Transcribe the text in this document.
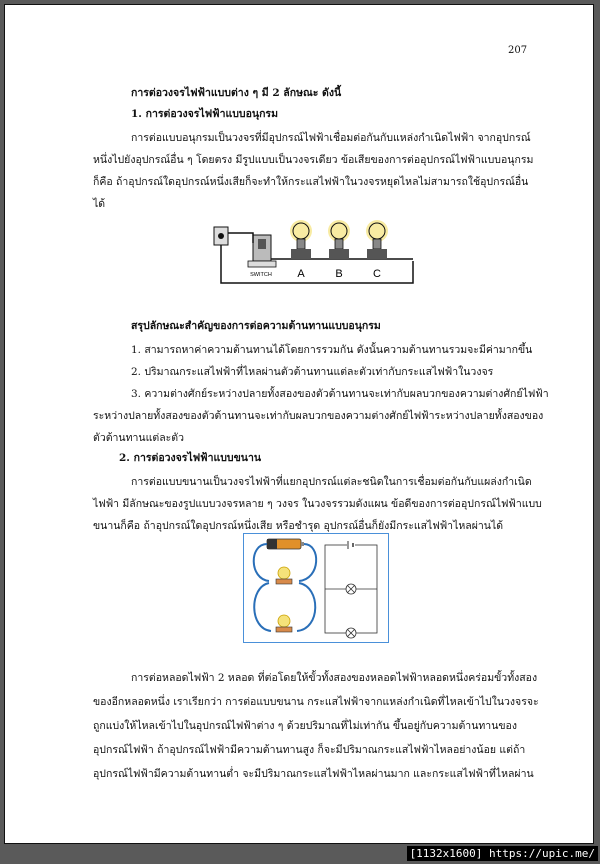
207
การต่อวงจรไฟฟ้าแบบต่าง ๆ มี 2 ลักษณะ ดังนี้
1. การต่อวงจรไฟฟ้าแบบอนุกรม
การต่อแบบอนุกรมเป็นวงจรที่มีอุปกรณ์ไฟฟ้าเชื่อมต่อกันกับแหล่งกำเนิดไฟฟ้า จากอุปกรณ์
หนึ่งไปยังอุปกรณ์อื่น ๆ โดยตรง มีรูปแบบเป็นวงจรเดียว ข้อเสียของการต่ออุปกรณ์ไฟฟ้าแบบอนุกรม
ก็คือ ถ้าอุปกรณ์ใดอุปกรณ์หนึ่งเสียก็จะทำให้กระแสไฟฟ้าในวงจรหยุดไหลไม่สามารถใช้อุปกรณ์อื่น
ได้
SWITCH A	B	C
สรุปลักษณะสำคัญของการต่อความต้านทานแบบอนุกรม
1. สามารถหาค่าความต้านทานได้โดยการรวมกัน ดังนั้นความต้านทานรวมจะมีค่ามากขึ้น
2. ปริมาณกระแสไฟฟ้าที่ไหลผ่านตัวต้านทานแต่ละตัวเท่ากับกระแสไฟฟ้าในวงจร
3. ความต่างศักย์ระหว่างปลายทั้งสองของตัวต้านทานจะเท่ากับผลบวกของความต่างศักย์ไฟฟ้า
ระหว่างปลายทั้งสองของตัวต้านทานจะเท่ากับผลบวกของความต่างศักย์ไฟฟ้าระหว่างปลายทั้งสองของ
ตัวต้านทานแต่ละตัว
2. การต่อวงจรไฟฟ้าแบบขนาน
การต่อแบบขนานเป็นวงจรไฟฟ้าที่แยกอุปกรณ์แต่ละชนิดในการเชื่อมต่อกันกับแผล่งกำเนิด
ไฟฟ้า มีลักษณะของรูปแบบวงจรหลาย ๆ วงจร ในวงจรรวมดังแผน ข้อดีของการต่ออุปกรณ์ไฟฟ้าแบบ
ขนานก็คือ ถ้าอุปกรณ์ใดอุปกรณ์หนึ่งเสีย หรือชำรุด อุปกรณ์อื่นก็ยังมีกระแสไฟฟ้าไหลผ่านได้
การต่อหลอดไฟฟ้า 2 หลอด ที่ต่อโดยให้ขั้วทั้งสองของหลอดไฟฟ้าหลอดหนึ่งคร่อมขั้วทั้งสอง
ของอีกหลอดหนึ่ง เราเรียกว่า การต่อแบบขนาน กระแสไฟฟ้าจากแหล่งกำเนิดที่ไหลเข้าไปในวงจรจะ
ถูกแบ่งให้ไหลเข้าไปในอุปกรณ์ไฟฟ้าต่าง ๆ ด้วยปริมาณที่ไม่เท่ากัน ขึ้นอยู่กับความต้านทานของ
อุปกรณ์ไฟฟ้า ถ้าอุปกรณ์ไฟฟ้ามีความต้านทานสูง ก็จะมีปริมาณกระแสไฟฟ้าไหลอย่างน้อย แต่ถ้า
อุปกรณ์ไฟฟ้ามีความต้านทานต่ำ จะมีปริมาณกระแสไฟฟ้าไหลผ่านมาก และกระแสไฟฟ้าที่ไหลผ่าน
[1132x1600] https://upic.me/
